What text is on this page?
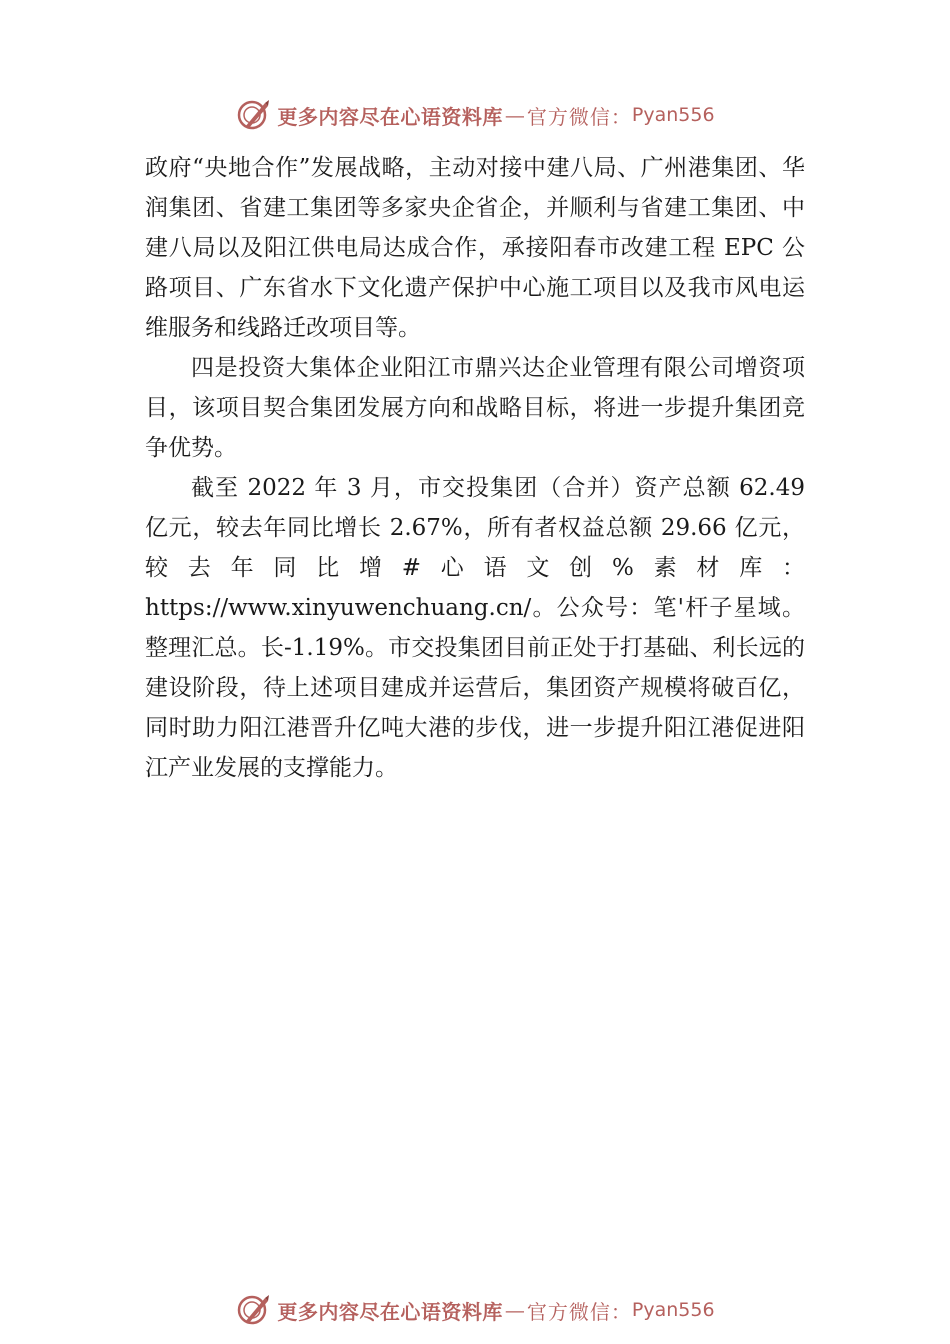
更多内容尽在心语资料库 — 官方微信： Pyan556

政府“央地合作”发展战略，主动对接中建八局、广州港集团、华润集团、省建工集团等多家央企省企，并顺利与省建工集团、中建八局以及阳江供电局达成合作，承接阳春市改建工程 EPC 公路项目、广东省水下文化遗产保护中心施工项目以及我市风电运维服务和线路迁改项目等。

四是投资大集体企业阳江市鼎兴达企业管理有限公司增资项目，该项目契合集团发展方向和战略目标，将进一步提升集团竞争优势。

截至 2022 年 3 月，市交投集团（合并）资产总额 62.49 亿元，较去年同比增长 2.67%，所有者权益总额 29.66 亿元， 较去年同比增#心语文创%素材库：https://www.xinyuwenchuang.cn/。公众号：笔'杆子星域。整理汇总。长-1.19%。市交投集团目前正处于打基础、利长远的建设阶段，待上述项目建成并运营后，集团资产规模将破百亿，同时助力阳江港晋升亿吨大港的步伐，进一步提升阳江港促进阳江产业发展的支撑能力。

更多内容尽在心语资料库 — 官方微信： Pyan556
